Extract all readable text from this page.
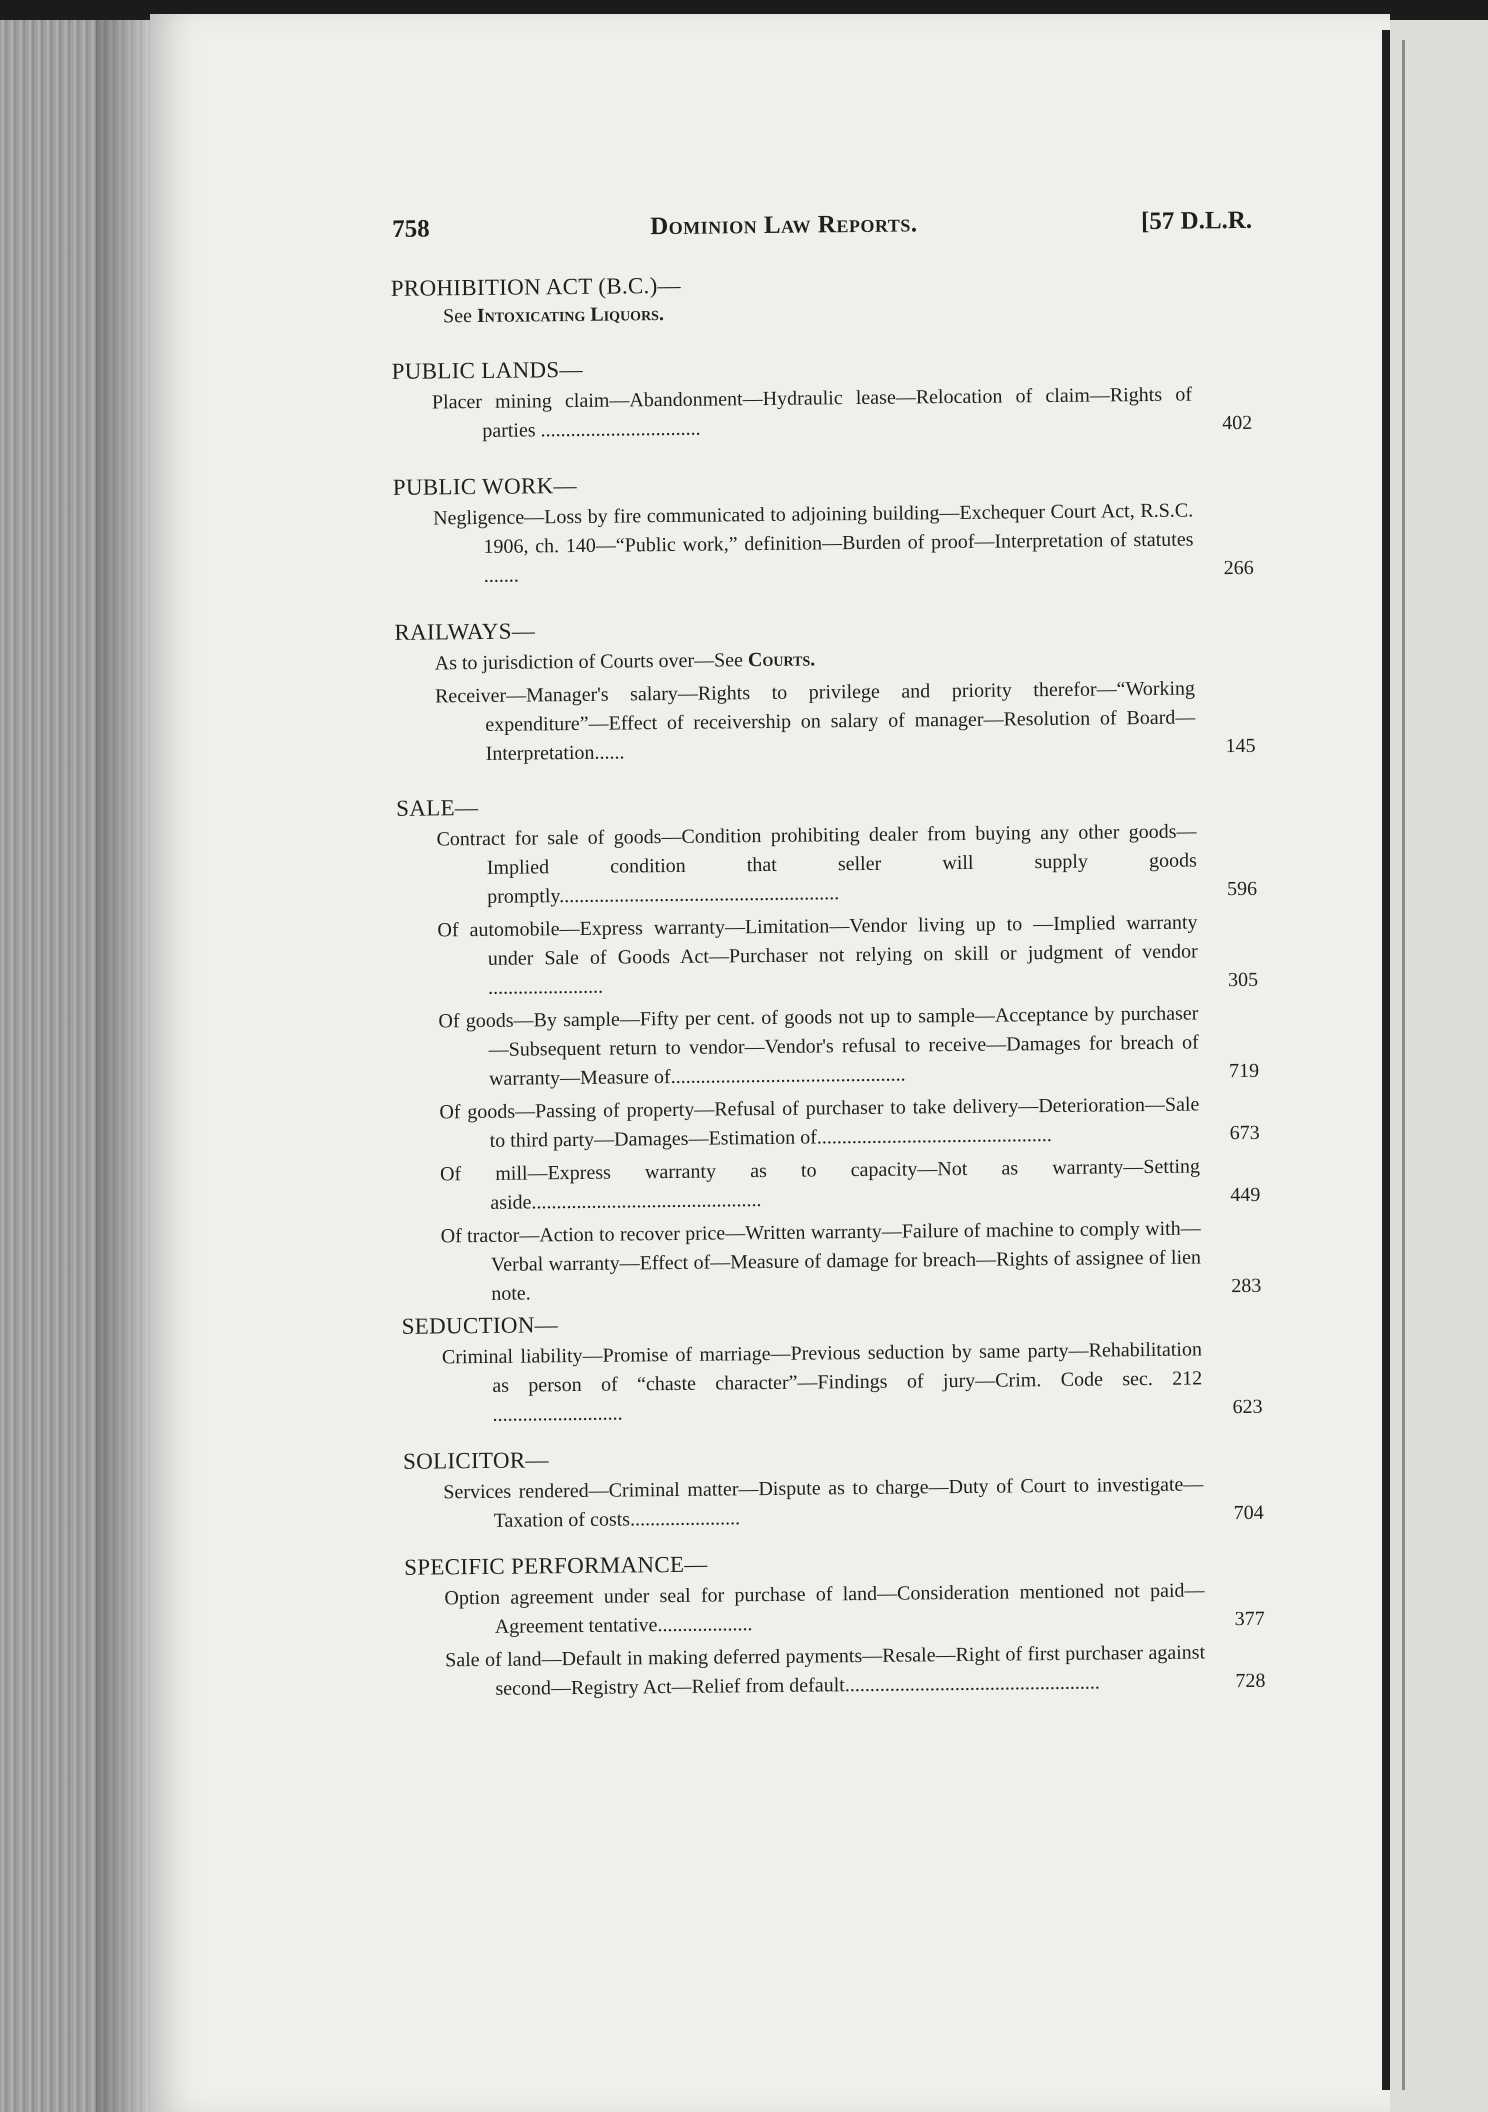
758	Dominion Law Reports.	[57 D.L.R.
PROHIBITION ACT (B.C.)—
See Intoxicating Liquors.
PUBLIC LANDS—
Placer mining claim—Abandonment—Hydraulic lease—Relocation of claim—Rights of parties ................................	402
PUBLIC WORK—
Negligence—Loss by fire communicated to adjoining building—Exchequer Court Act, R.S.C. 1906, ch. 140—“Public work,” definition—Burden of proof—Interpretation of statutes .......	266
RAILWAYS—
As to jurisdiction of Courts over—See Courts.
Receiver—Manager's salary—Rights to privilege and priority therefor—“Working expenditure”—Effect of receivership on salary of manager—Resolution of Board—Interpretation......	145
SALE—
Contract for sale of goods—Condition prohibiting dealer from buying any other goods—Implied condition that seller will supply goods promptly........................................................	596
Of automobile—Express warranty—Limitation—Vendor living up to —Implied warranty under Sale of Goods Act—Purchaser not relying on skill or judgment of vendor .......................	305
Of goods—By sample—Fifty per cent. of goods not up to sample—Acceptance by purchaser—Subsequent return to vendor—Vendor's refusal to receive—Damages for breach of warranty—Measure of...............................................	719
Of goods—Passing of property—Refusal of purchaser to take delivery—Deterioration—Sale to third party—Damages—Estimation of...............................................	673
Of mill—Express warranty as to capacity—Not as warranty—Setting aside..............................................	449
Of tractor—Action to recover price—Written warranty—Failure of machine to comply with—Verbal warranty—Effect of—Measure of damage for breach—Rights of assignee of lien note.	283
SEDUCTION—
Criminal liability—Promise of marriage—Previous seduction by same party—Rehabilitation as person of “chaste character”—Findings of jury—Crim. Code sec. 212 ..........................	623
SOLICITOR—
Services rendered—Criminal matter—Dispute as to charge—Duty of Court to investigate—Taxation of costs......................	704
SPECIFIC PERFORMANCE—
Option agreement under seal for purchase of land—Consideration mentioned not paid—Agreement tentative...................	377
Sale of land—Default in making deferred payments—Resale—Right of first purchaser against second—Registry Act—Relief from default...................................................	728
